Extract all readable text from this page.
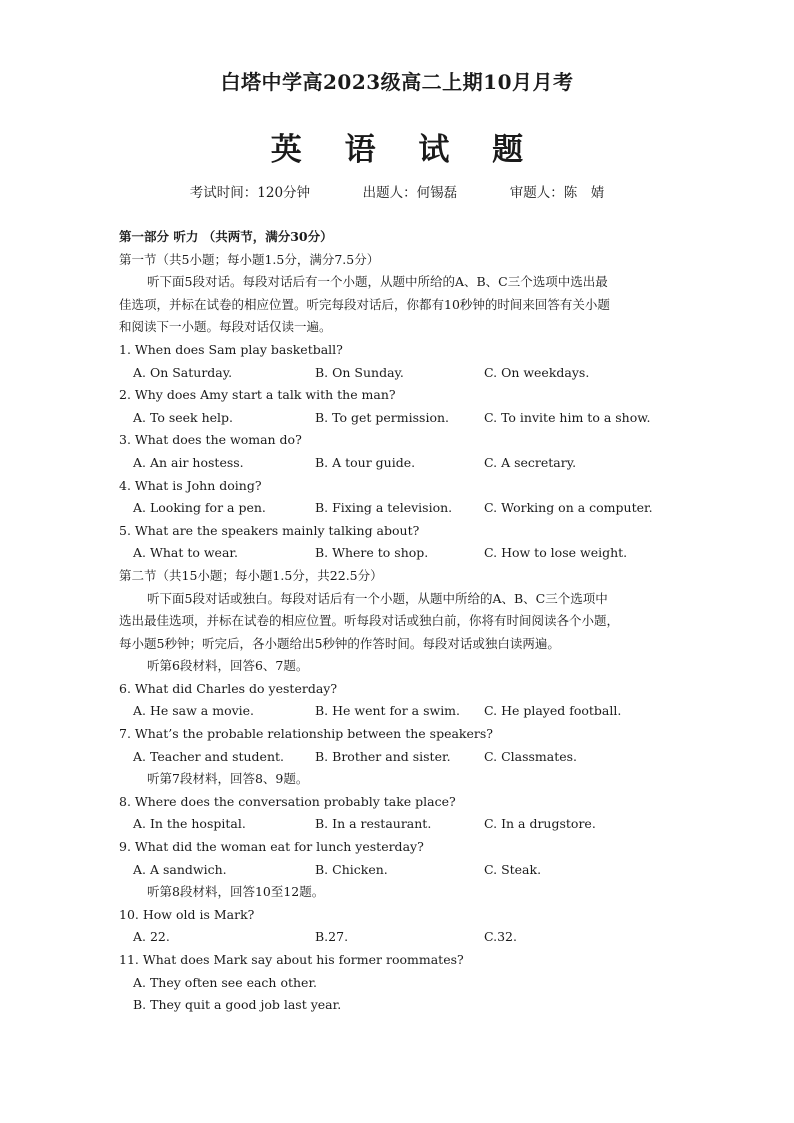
白塔中学高2023级高二上期10月月考
英 语 试 题
考试时间：120分钟	出题人：何锡磊	审题人：陈　婧
第一部分 听力 （共两节，满分30分）
第一节（共5小题；每小题1.5分，满分7.5分）
听下面5段对话。每段对话后有一个小题，从题中所给的A、B、C三个选项中选出最
佳选项，并标在试卷的相应位置。听完每段对话后，你都有10秒钟的时间来回答有关小题
和阅读下一小题。每段对话仅读一遍。
1. When does Sam play basketball?
A. On Saturday.	B. On Sunday.	C. On weekdays.
2. Why does Amy start a talk with the man?
A. To seek help.	B. To get permission.	C. To invite him to a show.
3. What does the woman do?
A. An air hostess.	B. A tour guide.	C. A secretary.
4. What is John doing?
A. Looking for a pen.	B. Fixing a television.	C. Working on a computer.
5. What are the speakers mainly talking about?
A. What to wear.	B. Where to shop.	C. How to lose weight.
第二节（共15小题；每小题1.5分，共22.5分）
听下面5段对话或独白。每段对话后有一个小题，从题中所给的A、B、C三个选项中
选出最佳选项，并标在试卷的相应位置。听每段对话或独白前，你将有时间阅读各个小题，
每小题5秒钟；听完后，各小题给出5秒钟的作答时间。每段对话或独白读两遍。
听第6段材料，回答6、7题。
6. What did Charles do yesterday?
A. He saw a movie.	B. He went for a swim. C. He played football.
7. What’s the probable relationship between the speakers?
A. Teacher and student. B. Brother and sister.	C. Classmates.
听第7段材料，回答8、9题。
8. Where does the conversation probably take place?
A. In the hospital.	B. In a restaurant.	C. In a drugstore.
9. What did the woman eat for lunch yesterday?
A. A sandwich.	B. Chicken.	C. Steak.
听第8段材料，回答10至12题。
10. How old is Mark?
A. 22.	B.27.	C.32.
11. What does Mark say about his former roommates?
A. They often see each other.
B. They quit a good job last year.
